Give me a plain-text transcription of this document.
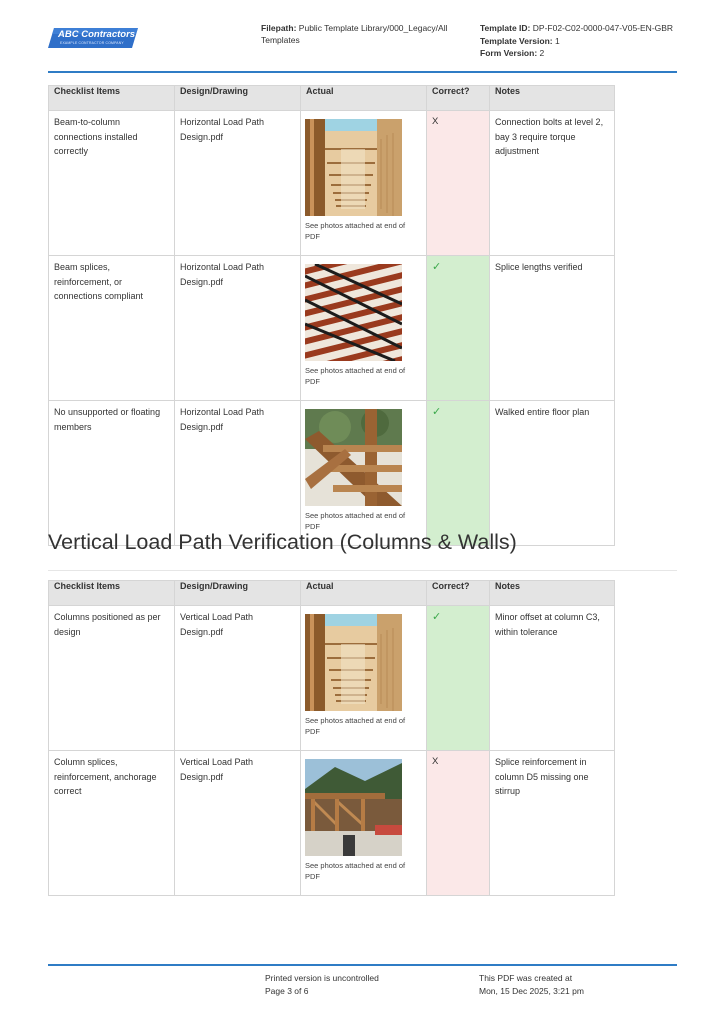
ABC Contractors
EXAMPLE CONTRACTOR COMPANY
Filepath: Public Template Library/000_Legacy/All Templates
Template ID: DP-F02-C02-0000-047-V05-EN-GBR
Template Version: 1
Form Version: 2
Checklist Items	Design/Drawing	Actual	Correct?	Notes
Beam-to-column connections installed correctly	Horizontal Load Path Design.pdf	See photos attached at end of PDF	X	Connection bolts at level 2, bay 3 require torque adjustment
Beam splices, reinforcement, or connections compliant	Horizontal Load Path Design.pdf	See photos attached at end of PDF	✓	Splice lengths verified
No unsupported or floating members	Horizontal Load Path Design.pdf	See photos attached at end of PDF	✓	Walked entire floor plan
Vertical Load Path Verification (Columns & Walls)
Checklist Items	Design/Drawing	Actual	Correct?	Notes
Columns positioned as per design	Vertical Load Path Design.pdf	See photos attached at end of PDF	✓	Minor offset at column C3, within tolerance
Column splices, reinforcement, anchorage correct	Vertical Load Path Design.pdf	See photos attached at end of PDF	X	Splice reinforcement in column D5 missing one stirrup
Printed version is uncontrolled
Page 3 of 6
This PDF was created at
Mon, 15 Dec 2025, 3:21 pm
